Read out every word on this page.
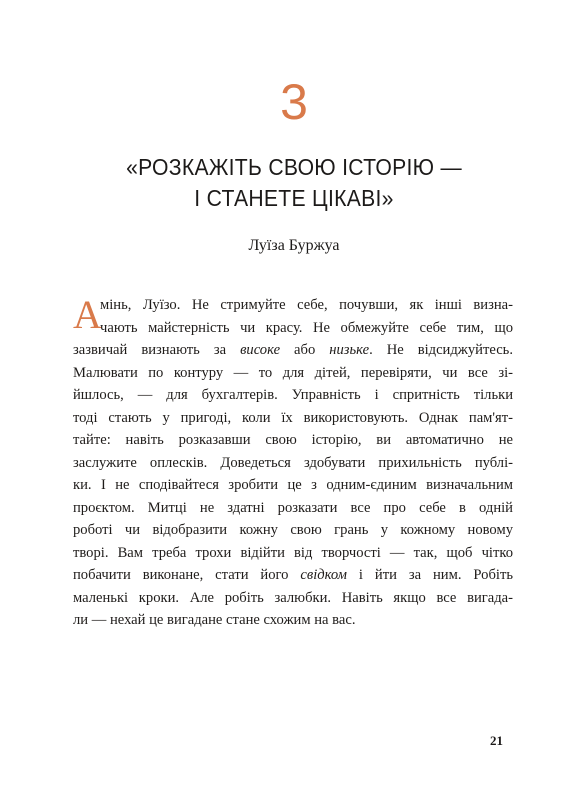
3
«РОЗКАЖІТЬ СВОЮ ІСТОРІЮ —
І СТАНЕТЕ ЦІКАВІ»
Луїза Буржуа
А
мінь, Луїзо. Не стримуйте себе, почувши, як інші визна-
чають майстерність чи красу. Не обмежуйте себе тим, що
зазвичай визнають за високе або низьке. Не відсиджуйтесь.
Малювати по контуру — то для дітей, перевіряти, чи все зі-
йшлось, — для бухгалтерів. Управність і спритність тільки
тоді стають у пригоді, коли їх використовують. Однак пам'ят-
тайте: навіть розказавши свою історію, ви автоматично не
заслужите оплесків. Доведеться здобувати прихильність публі-
ки. І не сподівайтеся зробити це з одним-єдиним визначальним
проєктом. Митці не здатні розказати все про себе в одній
роботі чи відобразити кожну свою грань у кожному новому
творі. Вам треба трохи відійти від творчості — так, щоб чітко
побачити виконане, стати його свідком і йти за ним. Робіть
маленькі кроки. Але робіть залюбки. Навіть якщо все вигада-
ли — нехай це вигадане стане схожим на вас.
21
